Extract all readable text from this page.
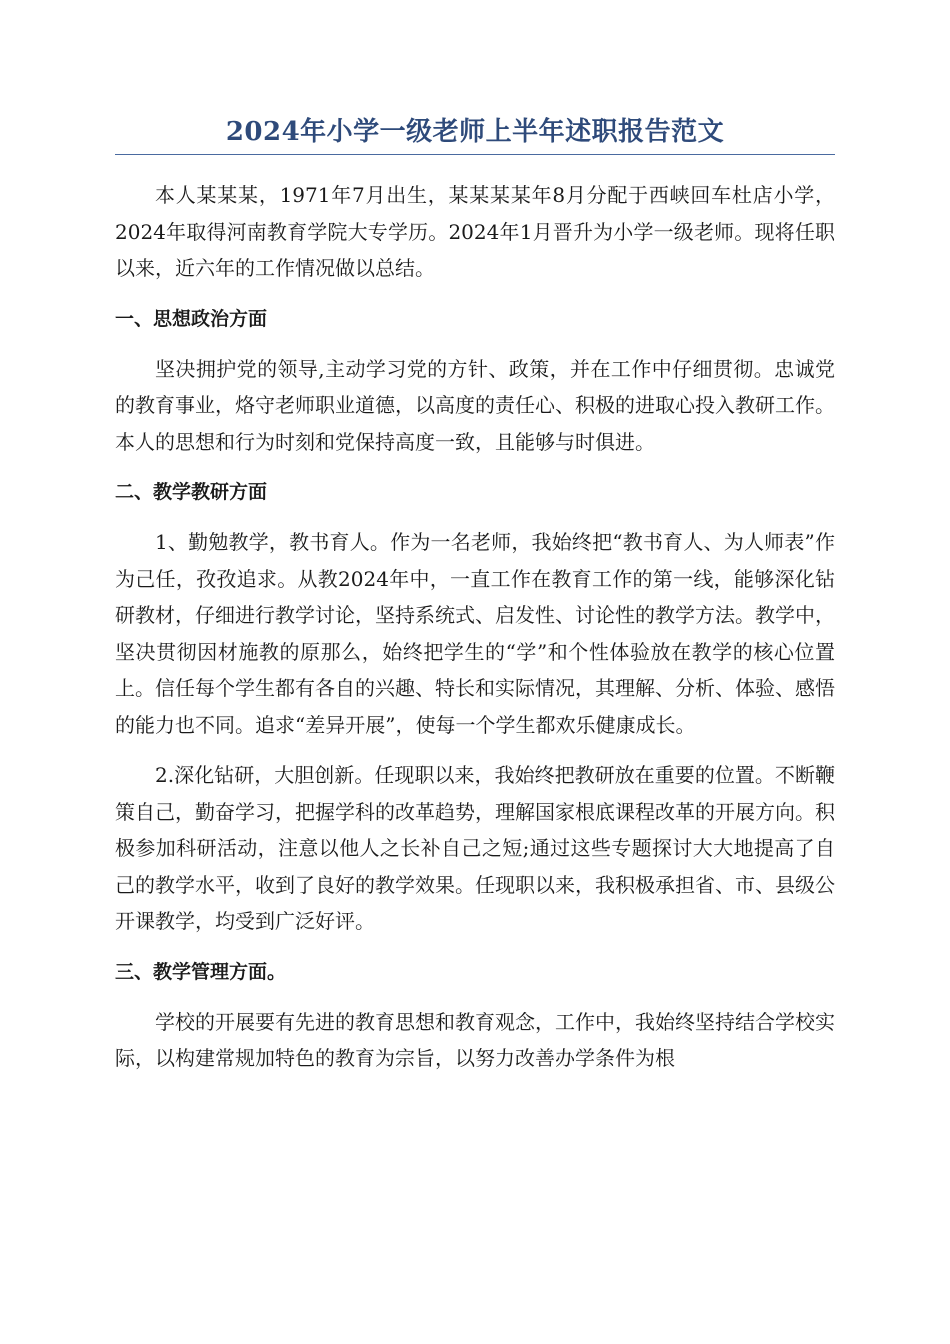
2024年小学一级老师上半年述职报告范文

本人某某某，1971年7月出生，某某某某年8月分配于西峡回车杜店小学，2024年取得河南教育学院大专学历。2024年1月晋升为小学一级老师。现将任职以来，近六年的工作情况做以总结。

一、思想政治方面

坚决拥护党的领导,主动学习党的方针、政策，并在工作中仔细贯彻。忠诚党的教育事业，烙守老师职业道德，以高度的责任心、积极的进取心投入教研工作。本人的思想和行为时刻和党保持高度一致，且能够与时俱进。

二、教学教研方面

1、勤勉教学，教书育人。作为一名老师，我始终把“教书育人、为人师表”作为己任，孜孜追求。从教2024年中，一直工作在教育工作的第一线，能够深化钻研教材，仔细进行教学讨论，坚持系统式、启发性、讨论性的教学方法。教学中，坚决贯彻因材施教的原那么，始终把学生的“学”和个性体验放在教学的核心位置上。信任每个学生都有各自的兴趣、特长和实际情况，其理解、分析、体验、感悟的能力也不同。追求“差异开展”，使每一个学生都欢乐健康成长。

2.深化钻研，大胆创新。任现职以来，我始终把教研放在重要的位置。不断鞭策自己，勤奋学习，把握学科的改革趋势，理解国家根底课程改革的开展方向。积极参加科研活动，注意以他人之长补自己之短;通过这些专题探讨大大地提高了自己的教学水平，收到了良好的教学效果。任现职以来，我积极承担省、市、县级公开课教学，均受到广泛好评。

三、教学管理方面。

学校的开展要有先进的教育思想和教育观念，工作中，我始终坚持结合学校实际，以构建常规加特色的教育为宗旨，以努力改善办学条件为根
